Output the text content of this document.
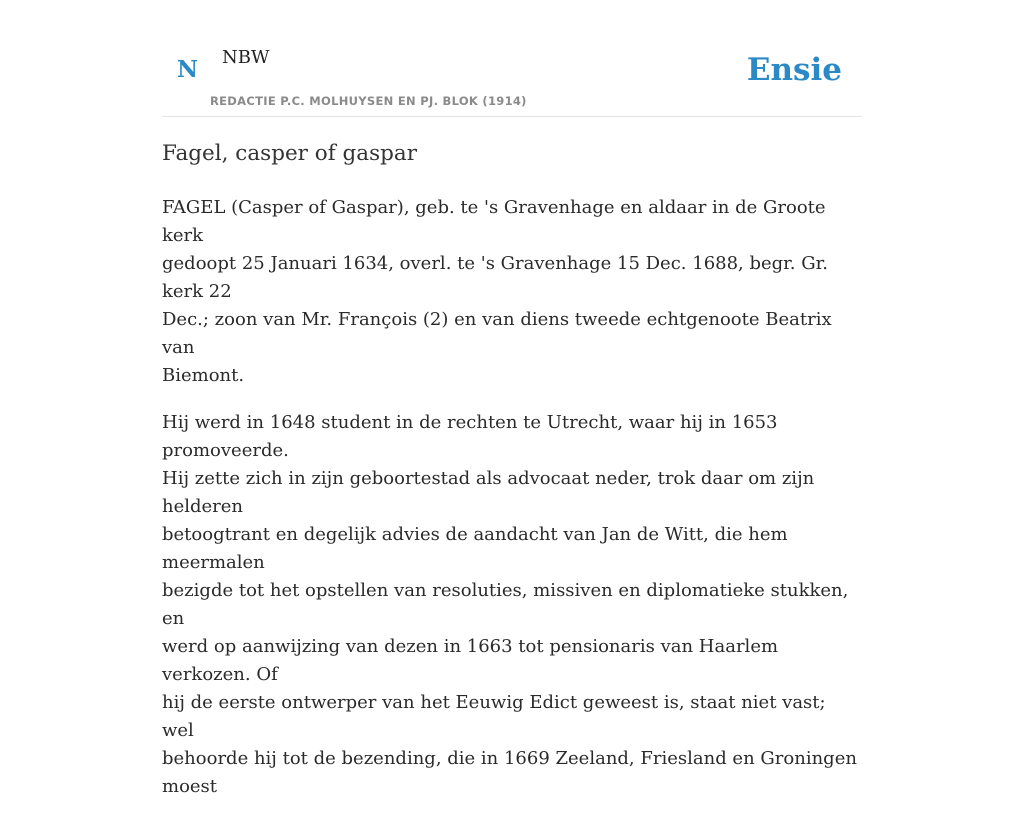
N NBW
REDACTIE P.C. MOLHUYSEN EN PJ. BLOK (1914)
Ensie
Fagel, casper of gaspar

FAGEL (Casper of Gaspar), geb. te 's Gravenhage en aldaar in de Groote kerk
gedoopt 25 Januari 1634, overl. te 's Gravenhage 15 Dec. 1688, begr. Gr. kerk 22
Dec.; zoon van Mr. François (2) en van diens tweede echtgenoote Beatrix van
Biemont.

Hij werd in 1648 student in de rechten te Utrecht, waar hij in 1653 promoveerde.
Hij zette zich in zijn geboortestad als advocaat neder, trok daar om zijn helderen
betoogtrant en degelijk advies de aandacht van Jan de Witt, die hem meermalen
bezigde tot het opstellen van resoluties, missiven en diplomatieke stukken, en
werd op aanwijzing van dezen in 1663 tot pensionaris van Haarlem verkozen. Of
hij de eerste ontwerper van het Eeuwig Edict geweest is, staat niet vast; wel
behoorde hij tot de bezending, die in 1669 Zeeland, Friesland en Groningen moest
